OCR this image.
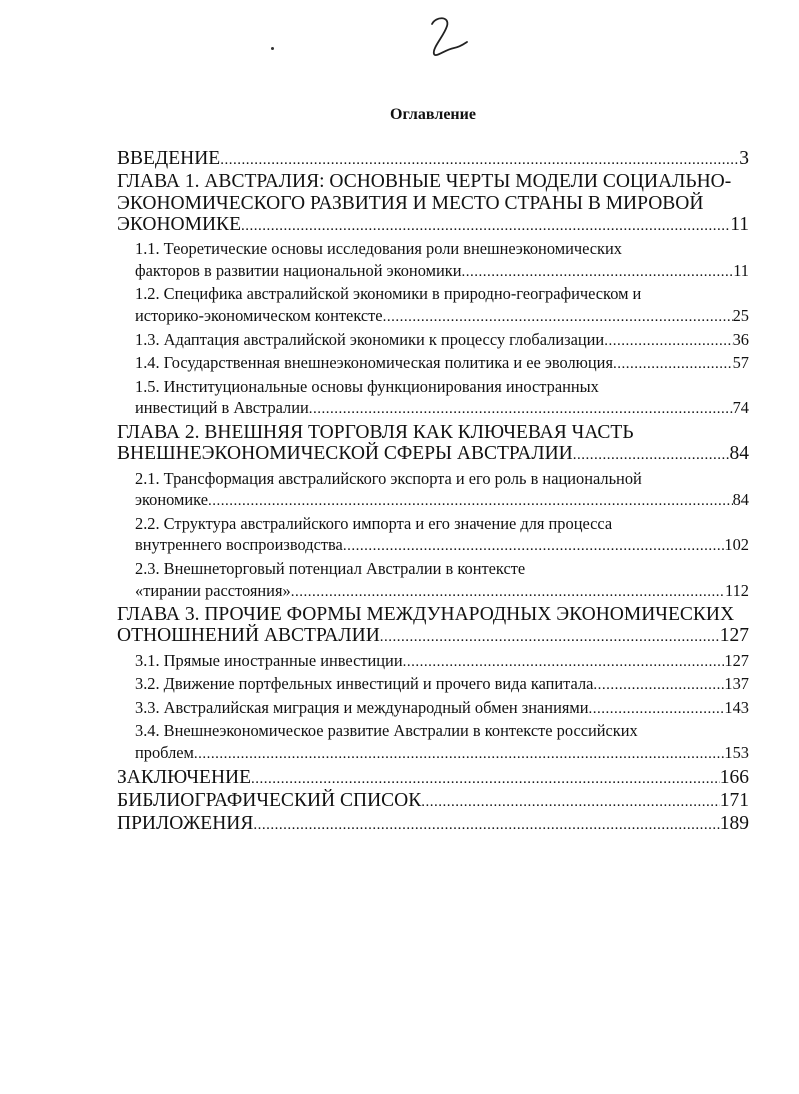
Оглавление
ВВЕДЕНИЕ .....	3
ГЛАВА 1. АВСТРАЛИЯ: ОСНОВНЫЕ ЧЕРТЫ МОДЕЛИ СОЦИАЛЬНО-
ЭКОНОМИЧЕСКОГО РАЗВИТИЯ И МЕСТО СТРАНЫ В МИРОВОЙ
ЭКОНОМИКЕ .....	11
1.1. Теоретические основы исследования роли внешнеэкономических
факторов в развитии национальной экономики .....	11
1.2. Специфика австралийской экономики в природно-географическом и
историко-экономическом контексте .....	25
1.3. Адаптация австралийской экономики к процессу глобализации .....	36
1.4. Государственная внешнеэкономическая политика и ее эволюция .....	57
1.5. Институциональные основы функционирования иностранных
инвестиций в Австралии .....	74
ГЛАВА 2. ВНЕШНЯЯ ТОРГОВЛЯ КАК КЛЮЧЕВАЯ ЧАСТЬ
ВНЕШНЕЭКОНОМИЧЕСКОЙ СФЕРЫ АВСТРАЛИИ .....	84
2.1. Трансформация австралийского экспорта и его роль в национальной
экономике .....	84
2.2. Структура австралийского импорта и его значение для процесса
внутреннего воспроизводства .....	102
2.3. Внешнеторговый потенциал Австралии в контексте
«тирании расстояния» .....	112
ГЛАВА 3. ПРОЧИЕ ФОРМЫ МЕЖДУНАРОДНЫХ ЭКОНОМИЧЕСКИХ
ОТНОШНЕНИЙ АВСТРАЛИИ .....	127
3.1. Прямые иностранные инвестиции .....	127
3.2. Движение портфельных инвестиций и прочего вида капитала .....	137
3.3. Австралийская миграция и международный обмен знаниями .....	143
3.4. Внешнеэкономическое развитие Австралии в контексте российских
проблем .....	153
ЗАКЛЮЧЕНИЕ .....	166
БИБЛИОГРАФИЧЕСКИЙ СПИСОК .....	171
ПРИЛОЖЕНИЯ .....	189
